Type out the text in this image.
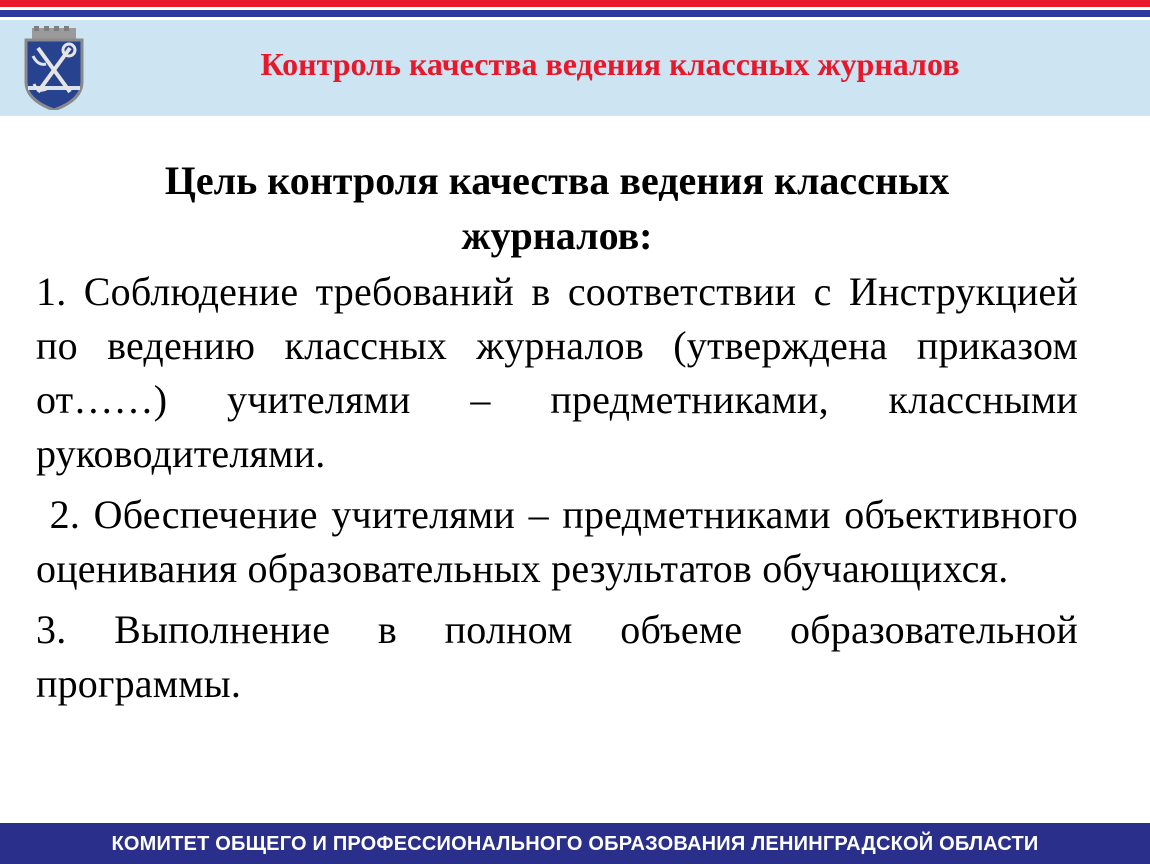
Контроль качества ведения классных журналов
Цель контроля качества ведения классных журналов:
1. Соблюдение требований в соответствии с Инструкцией по ведению классных журналов (утверждена приказом от……) учителями – предметниками, классными руководителями.
2. Обеспечение учителями – предметниками объективного оценивания образовательных результатов обучающихся.
3. Выполнение в полном объеме образовательной программы.
КОМИТЕТ ОБЩЕГО И ПРОФЕССИОНАЛЬНОГО ОБРАЗОВАНИЯ ЛЕНИНГРАДСКОЙ ОБЛАСТИ
